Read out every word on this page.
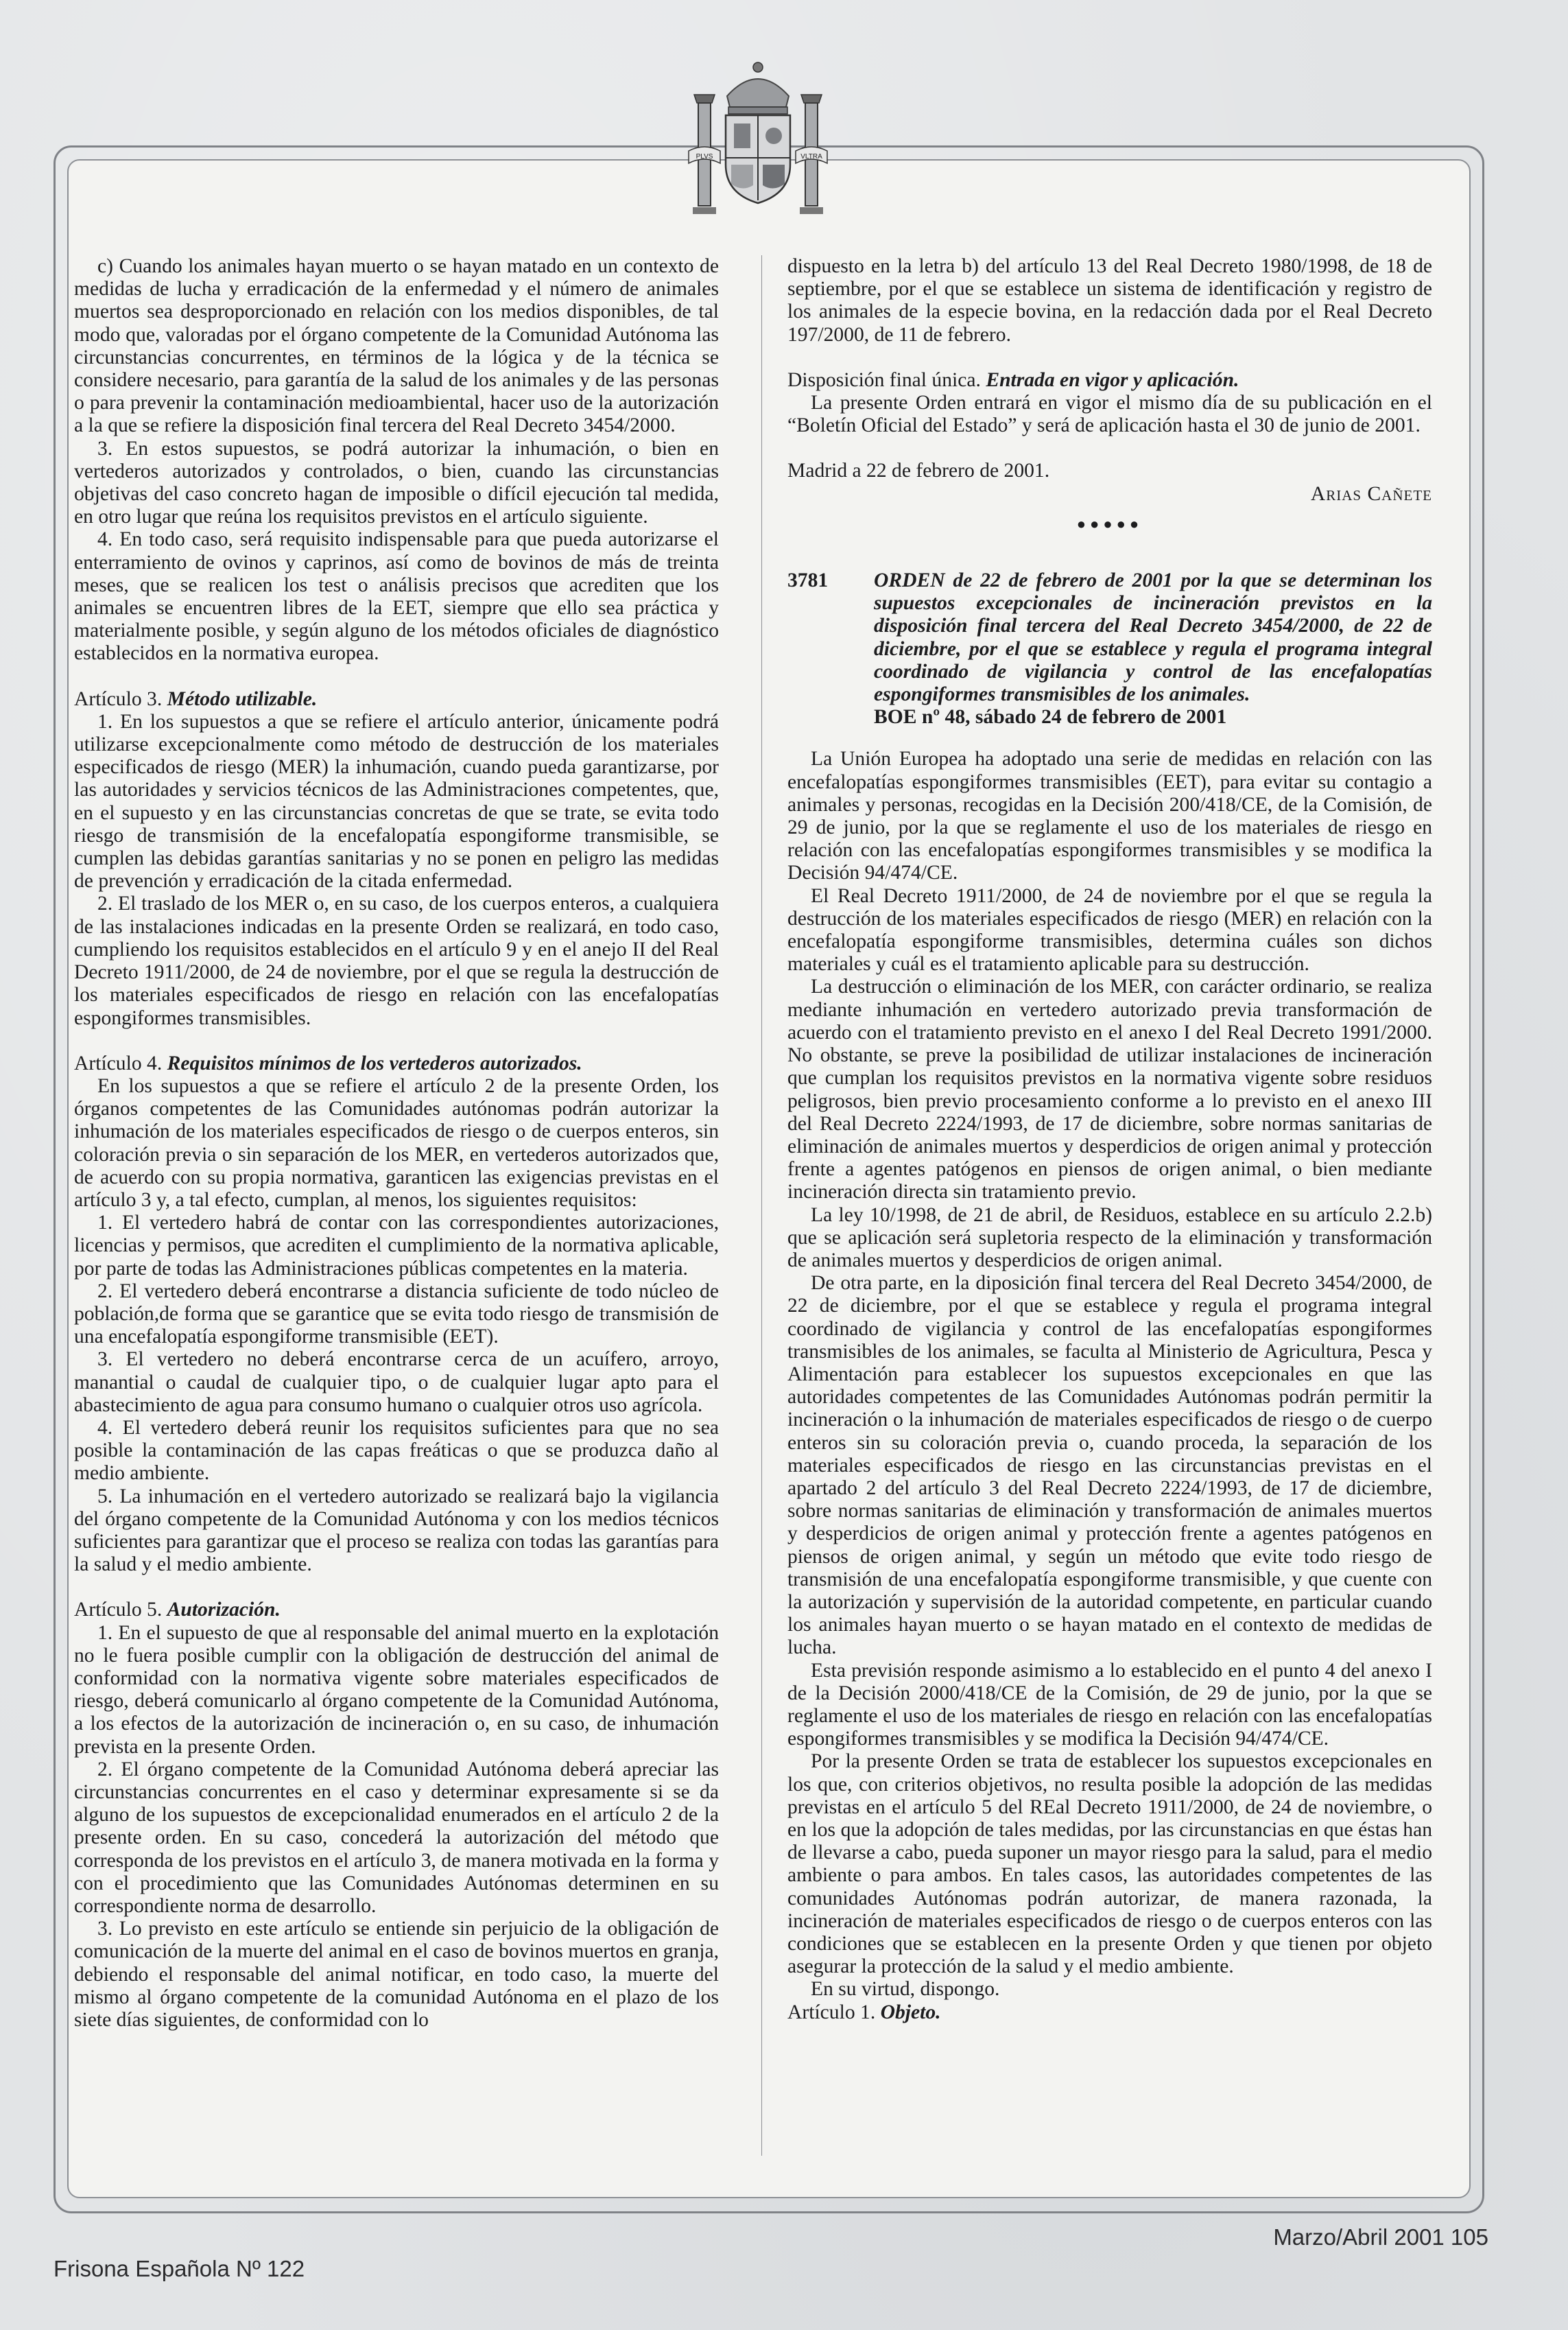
PLVS	VLTRA

c) Cuando los animales hayan muerto o se hayan matado en un contexto de medidas de lucha y erradicación de la enfermedad y el número de animales muertos sea desproporcionado en relación con los medios disponibles, de tal modo que, valoradas por el órgano competente de la Comunidad Autónoma las circunstancias concurrentes, en términos de la lógica y de la técnica se considere necesario, para garantía de la salud de los animales y de las personas o para prevenir la contaminación medioambiental, hacer uso de la autorización a la que se refiere la disposición final tercera del Real Decreto 3454/2000.

3. En estos supuestos, se podrá autorizar la inhumación, o bien en vertederos autorizados y controlados, o bien, cuando las circunstancias objetivas del caso concreto hagan de imposible o difícil ejecución tal medida, en otro lugar que reúna los requisitos previstos en el artículo siguiente.

4. En todo caso, será requisito indispensable para que pueda autorizarse el enterramiento de ovinos y caprinos, así como de bovinos de más de treinta meses, que se realicen los test o análisis precisos que acrediten que los animales se encuentren libres de la EET, siempre que ello sea práctica y materialmente posible, y según alguno de los métodos oficiales de diagnóstico establecidos en la normativa europea.

Artículo 3. Método utilizable.

1. En los supuestos a que se refiere el artículo anterior, únicamente podrá utilizarse excepcionalmente como método de destrucción de los materiales especificados de riesgo (MER) la inhumación, cuando pueda garantizarse, por las autoridades y servicios técnicos de las Administraciones competentes, que, en el supuesto y en las circunstancias concretas de que se trate, se evita todo riesgo de transmisión de la encefalopatía espongiforme transmisible, se cumplen las debidas garantías sanitarias y no se ponen en peligro las medidas de prevención y erradicación de la citada enfermedad.

2. El traslado de los MER o, en su caso, de los cuerpos enteros, a cualquiera de las instalaciones indicadas en la presente Orden se realizará, en todo caso, cumpliendo los requisitos establecidos en el artículo 9 y en el anejo II del Real Decreto 1911/2000, de 24 de noviembre, por el que se regula la destrucción de los materiales especificados de riesgo en relación con las encefalopatías espongiformes transmisibles.

Artículo 4. Requisitos mínimos de los vertederos autorizados.

En los supuestos a que se refiere el artículo 2 de la presente Orden, los órganos competentes de las Comunidades autónomas podrán autorizar la inhumación de los materiales especificados de riesgo o de cuerpos enteros, sin coloración previa o sin separación de los MER, en vertederos autorizados que, de acuerdo con su propia normativa, garanticen las exigencias previstas en el artículo 3 y, a tal efecto, cumplan, al menos, los siguientes requisitos:

1. El vertedero habrá de contar con las correspondientes autorizaciones, licencias y permisos, que acrediten el cumplimiento de la normativa aplicable, por parte de todas las Administraciones públicas competentes en la materia.

2. El vertedero deberá encontrarse a distancia suficiente de todo núcleo de población,de forma que se garantice que se evita todo riesgo de transmisión de una encefalopatía espongiforme transmisible (EET).

3. El vertedero no deberá encontrarse cerca de un acuífero, arroyo, manantial o caudal de cualquier tipo, o de cualquier lugar apto para el abastecimiento de agua para consumo humano o cualquier otros uso agrícola.

4. El vertedero deberá reunir los requisitos suficientes para que no sea posible la contaminación de las capas freáticas o que se produzca daño al medio ambiente.

5. La inhumación en el vertedero autorizado se realizará bajo la vigilancia del órgano competente de la Comunidad Autónoma y con los medios técnicos suficientes para garantizar que el proceso se realiza con todas las garantías para la salud y el medio ambiente.

Artículo 5. Autorización.

1. En el supuesto de que al responsable del animal muerto en la explotación no le fuera posible cumplir con la obligación de destrucción del animal de conformidad con la normativa vigente sobre materiales especificados de riesgo, deberá comunicarlo al órgano competente de la Comunidad Autónoma, a los efectos de la autorización de incineración o, en su caso, de inhumación prevista en la presente Orden.

2. El órgano competente de la Comunidad Autónoma deberá apreciar las circunstancias concurrentes en el caso y determinar expresamente si se da alguno de los supuestos de excepcionalidad enumerados en el artículo 2 de la presente orden. En su caso, concederá la autorización del método que corresponda de los previstos en el artículo 3, de manera motivada en la forma y con el procedimiento que las Comunidades Autónomas determinen en su correspondiente norma de desarrollo.

3. Lo previsto en este artículo se entiende sin perjuicio de la obligación de comunicación de la muerte del animal en el caso de bovinos muertos en granja, debiendo el responsable del animal notificar, en todo caso, la muerte del mismo al órgano competente de la comunidad Autónoma en el plazo de los siete días siguientes, de conformidad con lo

dispuesto en la letra b) del artículo 13 del Real Decreto 1980/1998, de 18 de septiembre, por el que se establece un sistema de identificación y registro de los animales de la especie bovina, en la redacción dada por el Real Decreto 197/2000, de 11 de febrero.

Disposición final única. Entrada en vigor y aplicación.

La presente Orden entrará en vigor el mismo día de su publicación en el “Boletín Oficial del Estado” y será de aplicación hasta el 30 de junio de 2001.

Madrid a 22 de febrero de 2001.

Arias Cañete

●●●●●

3781	ORDEN de 22 de febrero de 2001 por la que se determinan los supuestos excepcionales de incineración previstos en la disposición final tercera del Real Decreto 3454/2000, de 22 de diciembre, por el que se establece y regula el programa integral coordinado de vigilancia y control de las encefalopatías espongiformes transmisibles de los animales.
BOE nº 48, sábado 24 de febrero de 2001

La Unión Europea ha adoptado una serie de medidas en relación con las encefalopatías espongiformes transmisibles (EET), para evitar su contagio a animales y personas, recogidas en la Decisión 200/418/CE, de la Comisión, de 29 de junio, por la que se reglamente el uso de los materiales de riesgo en relación con las encefalopatías espongiformes transmisibles y se modifica la Decisión 94/474/CE.

El Real Decreto 1911/2000, de 24 de noviembre por el que se regula la destrucción de los materiales especificados de riesgo (MER) en relación con la encefalopatía espongiforme transmisibles, determina cuáles son dichos materiales y cuál es el tratamiento aplicable para su destrucción.

La destrucción o eliminación de los MER, con carácter ordinario, se realiza mediante inhumación en vertedero autorizado previa transformación de acuerdo con el tratamiento previsto en el anexo I del Real Decreto 1991/2000. No obstante, se preve la posibilidad de utilizar instalaciones de incineración que cumplan los requisitos previstos en la normativa vigente sobre residuos peligrosos, bien previo procesamiento conforme a lo previsto en el anexo III del Real Decreto 2224/1993, de 17 de diciembre, sobre normas sanitarias de eliminación de animales muertos y desperdicios de origen animal y protección frente a agentes patógenos en piensos de origen animal, o bien mediante incineración directa sin tratamiento previo.

La ley 10/1998, de 21 de abril, de Residuos, establece en su artículo 2.2.b) que se aplicación será supletoria respecto de la eliminación y transformación de animales muertos y desperdicios de origen animal.

De otra parte, en la diposición final tercera del Real Decreto 3454/2000, de 22 de diciembre, por el que se establece y regula el programa integral coordinado de vigilancia y control de las encefalopatías espongiformes transmisibles de los animales, se faculta al Ministerio de Agricultura, Pesca y Alimentación para establecer los supuestos excepcionales en que las autoridades competentes de las Comunidades Autónomas podrán permitir la incineración o la inhumación de materiales especificados de riesgo o de cuerpo enteros sin su coloración previa o, cuando proceda, la separación de los materiales especificados de riesgo en las circunstancias previstas en el apartado 2 del artículo 3 del Real Decreto 2224/1993, de 17 de diciembre, sobre normas sanitarias de eliminación y transformación de animales muertos y desperdicios de origen animal y protección frente a agentes patógenos en piensos de origen animal, y según un método que evite todo riesgo de transmisión de una encefalopatía espongiforme transmisible, y que cuente con la autorización y supervisión de la autoridad competente, en particular cuando los animales hayan muerto o se hayan matado en el contexto de medidas de lucha.

Esta previsión responde asimismo a lo establecido en el punto 4 del anexo I de la Decisión 2000/418/CE de la Comisión, de 29 de junio, por la que se reglamente el uso de los materiales de riesgo en relación con las encefalopatías espongiformes transmisibles y se modifica la Decisión 94/474/CE.

Por la presente Orden se trata de establecer los supuestos excepcionales en los que, con criterios objetivos, no resulta posible la adopción de las medidas previstas en el artículo 5 del REal Decreto 1911/2000, de 24 de noviembre, o en los que la adopción de tales medidas, por las circunstancias en que éstas han de llevarse a cabo, pueda suponer un mayor riesgo para la salud, para el medio ambiente o para ambos. En tales casos, las autoridades competentes de las comunidades Autónomas podrán autorizar, de manera razonada, la incineración de materiales especificados de riesgo o de cuerpos enteros con las condiciones que se establecen en la presente Orden y que tienen por objeto asegurar la protección de la salud y el medio ambiente.

En su virtud, dispongo.

Artículo 1. Objeto.

Frisona Española Nº 122
Marzo/Abril 2001 105
